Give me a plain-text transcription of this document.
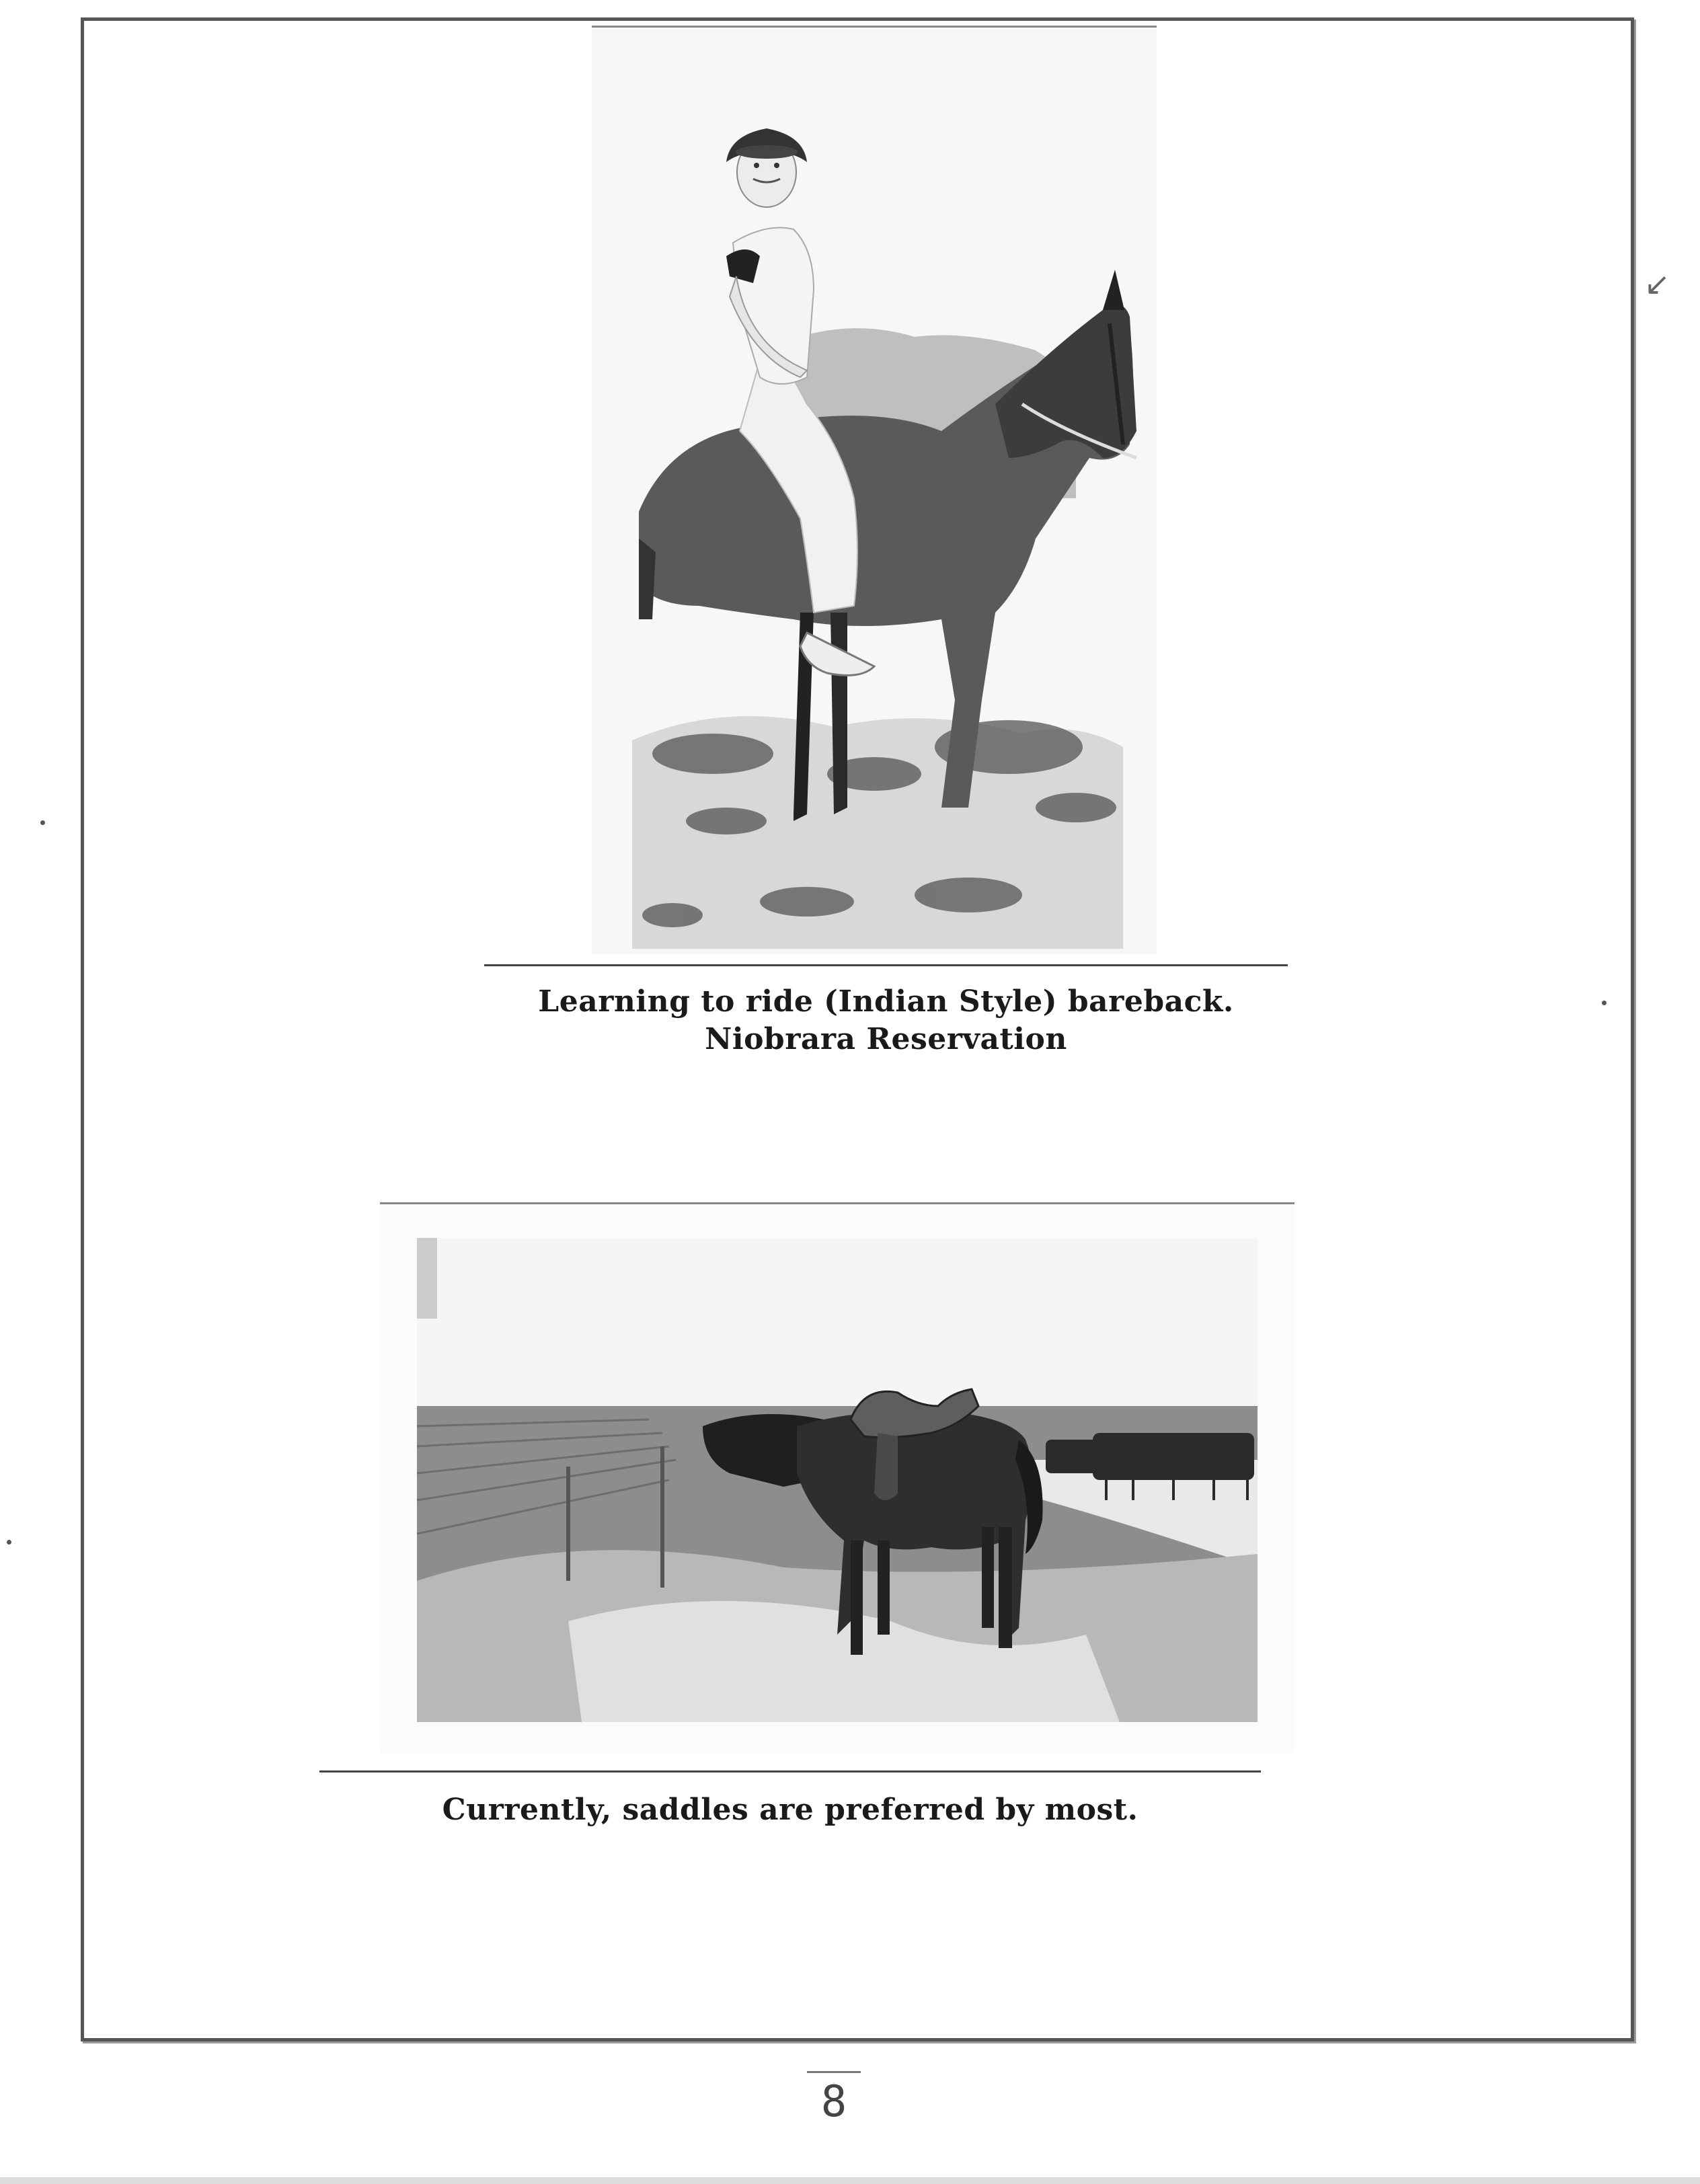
↙
Learning to ride (Indian Style) bareback.
Niobrara Reservation
Currently, saddles are preferred by most.
8
